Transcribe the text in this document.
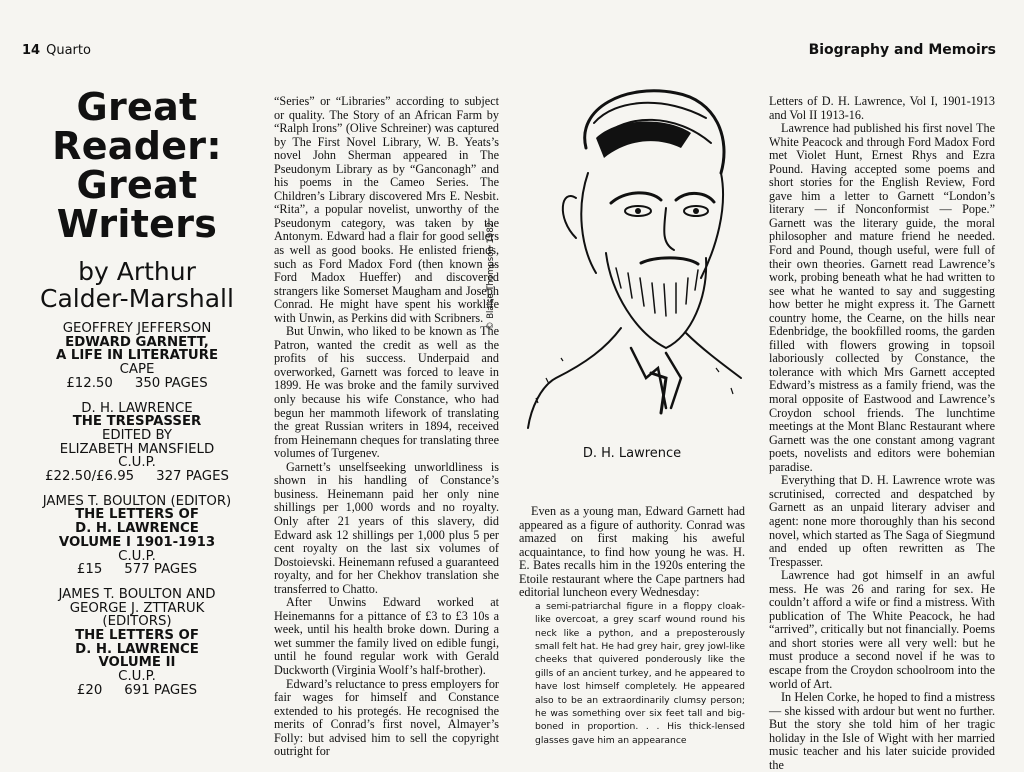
14 Quarto	Biography and Memoirs
Great
Reader:
Great
Writers
by Arthur
Calder-Marshall
GEOFFREY JEFFERSON
EDWARD GARNETT,
A LIFE IN LITERATURE
CAPE
£12.50 350 PAGES
D. H. LAWRENCE
THE TRESPASSER
EDITED BY
ELIZABETH MANSFIELD
C.U.P.
£22.50/£6.95 327 PAGES
JAMES T. BOULTON (EDITOR)
THE LETTERS OF
D. H. LAWRENCE
VOLUME I 1901-1913
C.U.P.
£15 577 PAGES
JAMES T. BOULTON AND
GEORGE J. ZTTARUK
(EDITORS)
THE LETTERS OF
D. H. LAWRENCE
VOLUME II
C.U.P.
£20 691 PAGES

“Series” or “Libraries” according to subject or quality. The Story of an African Farm by “Ralph Irons” (Olive Schreiner) was captured by The First Novel Library, W. B. Yeats’s novel John Sherman appeared in The Pseudonym Library as by “Ganconagh” and his poems in the Cameo Series. The Children’s Library discovered Mrs E. Nesbit. “Rita”, a popular novelist, unworthy of the Pseudonym category, was taken by the Antonym. Edward had a flair for good sellers as well as good books. He enlisted friends, such as Ford Madox Ford (then known as Ford Madox Hueffer) and discovered strangers like Somerset Maugham and Joseph Conrad. He might have spent his worklife with Unwin, as Perkins did with Scribners.

But Unwin, who liked to be known as The Patron, wanted the credit as well as the profits of his success. Underpaid and overworked, Garnett was forced to leave in 1899. He was broke and the family survived only because his wife Constance, who had begun her mammoth lifework of translating the great Russian writers in 1894, received from Heinemann cheques for translating three volumes of Turgenev.

Garnett’s unselfseeking unworldliness is shown in his handling of Constance’s business. Heinemann paid her only nine shillings per 1,000 words and no royalty. Only after 21 years of this slavery, did Edward ask 12 shillings per 1,000 plus 5 per cent royalty on the last six volumes of Dostoievski. Heinemann refused a guaranteed royalty, and for her Chekhov translation she transferred to Chatto.

After Unwins Edward worked at Heinemanns for a pittance of £3 to £3 10s a week, until his health broke down. During a wet summer the family lived on edible fungi, until he found regular work with Gerald Duckworth (Virginia Woolf’s half-brother).

Edward’s reluctance to press employers for fair wages for himself and Constance extended to his protegés. He recognised the merits of Conrad’s first novel, Almayer’s Folly: but advised him to sell the copyright outright for

© Blaise Thompson 1982
D. H. Lawrence

Even as a young man, Edward Garnett had appeared as a figure of authority. Conrad was amazed on first making his aweful acquaintance, to find how young he was. H. E. Bates recalls him in the 1920s entering the Etoile restaurant where the Cape partners had editorial luncheon every Wednesday:

a semi-patriarchal figure in a floppy cloak-like overcoat, a grey scarf wound round his neck like a python, and a preposterously small felt hat. He had grey hair, grey jowl-like cheeks that quivered ponderously like the gills of an ancient turkey, and he appeared to have lost himself completely. He appeared also to be an extraordinarily clumsy person; he was something over six feet tall and big-boned in proportion. . . His thick-lensed glasses gave him an appearance

Letters of D. H. Lawrence, Vol I, 1901-1913 and Vol II 1913-16.

Lawrence had published his first novel The White Peacock and through Ford Madox Ford met Violet Hunt, Ernest Rhys and Ezra Pound. Having accepted some poems and short stories for the English Review, Ford gave him a letter to Garnett “London’s literary — if Nonconformist — Pope.” Garnett was the literary guide, the moral philosopher and mature friend he needed. Ford and Pound, though useful, were full of their own theories. Garnett read Lawrence’s work, probing beneath what he had written to see what he wanted to say and suggesting how better he might express it. The Garnett country home, the Cearne, on the hills near Edenbridge, the bookfilled rooms, the garden filled with flowers growing in topsoil laboriously collected by Constance, the tolerance with which Mrs Garnett accepted Edward’s mistress as a family friend, was the moral opposite of Eastwood and Lawrence’s Croydon school friends. The lunchtime meetings at the Mont Blanc Restaurant where Garnett was the one constant among vagrant poets, novelists and editors were bohemian paradise.

Everything that D. H. Lawrence wrote was scrutinised, corrected and despatched by Garnett as an unpaid literary adviser and agent: none more thoroughly than his second novel, which started as The Saga of Siegmund and ended up often rewritten as The Trespasser.

Lawrence had got himself in an awful mess. He was 26 and raring for sex. He couldn’t afford a wife or find a mistress. With publication of The White Peacock, he had “arrived”, critically but not financially. Poems and short stories were all very well: but he must produce a second novel if he was to escape from the Croydon schoolroom into the world of Art.

In Helen Corke, he hoped to find a mistress — she kissed with ardour but went no further. But the story she told him of her tragic holiday in the Isle of Wight with her married music teacher and his later suicide provided the
